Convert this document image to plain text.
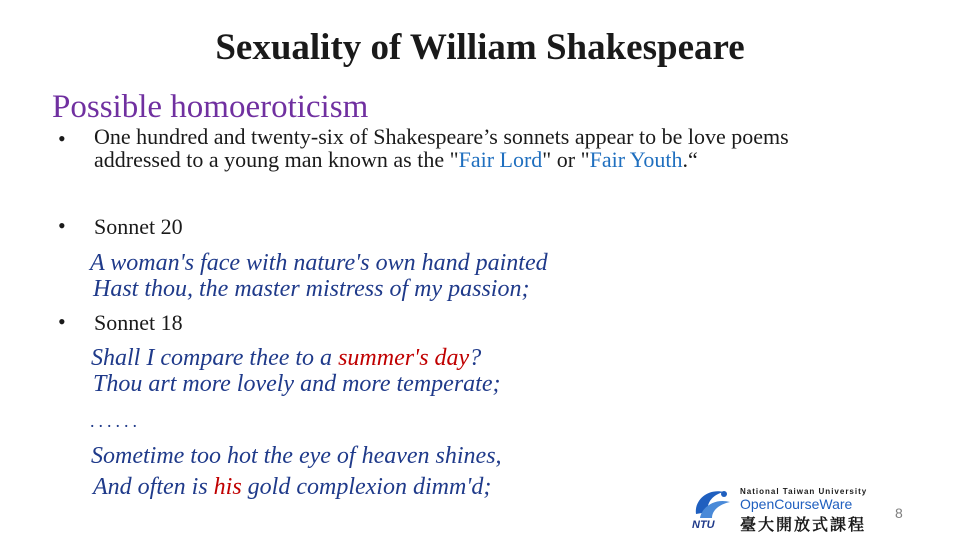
Sexuality of William Shakespeare
Possible homoeroticism
• One hundred and twenty-six of Shakespeare’s sonnets appear to be love poems addressed to a young man known as the "Fair Lord" or "Fair Youth.“
• Sonnet 20
A woman's face with nature's own hand painted
Hast thou, the master mistress of my passion;
• Sonnet 18
Shall I compare thee to a summer's day?
Thou art more lovely and more temperate;
......
Sometime too hot the eye of heaven shines,
And often is his gold complexion dimm'd;
NTU
National Taiwan University
OpenCourseWare
臺大開放式課程
8
